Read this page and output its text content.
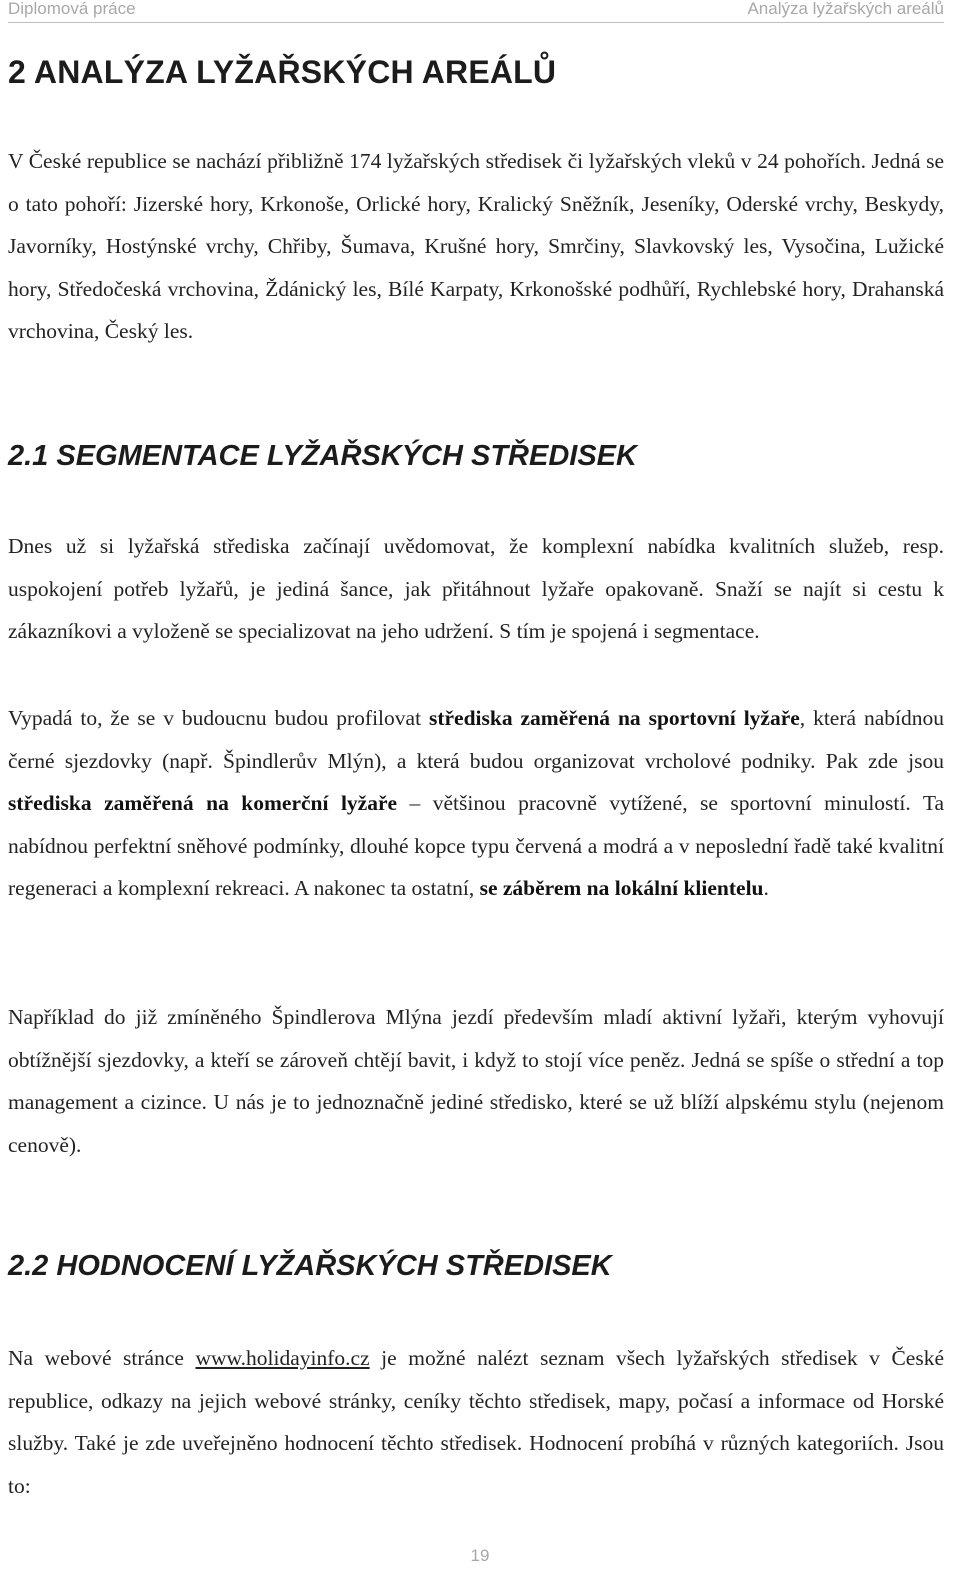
Diplomová práce	Analýza lyžařských areálů
2 ANALÝZA LYŽAŘSKÝCH AREÁLŮ

V České republice se nachází přibližně 174 lyžařských středisek či lyžařských vleků v 24 pohořích. Jedná se o tato pohoří: Jizerské hory, Krkonoše, Orlické hory, Kralický Sněžník, Jeseníky, Oderské vrchy, Beskydy, Javorníky, Hostýnské vrchy, Chřiby, Šumava, Krušné hory, Smrčiny, Slavkovský les, Vysočina, Lužické hory, Středočeská vrchovina, Ždánický les, Bílé Karpaty, Krkonošské podhůří, Rychlebské hory, Drahanská vrchovina, Český les.

2.1 SEGMENTACE LYŽAŘSKÝCH STŘEDISEK

Dnes už si lyžařská střediska začínají uvědomovat, že komplexní nabídka kvalitních služeb, resp. uspokojení potřeb lyžařů, je jediná šance, jak přitáhnout lyžaře opakovaně. Snaží se najít si cestu k zákazníkovi a vyloženě se specializovat na jeho udržení. S tím je spojená i segmentace.

Vypadá to, že se v budoucnu budou profilovat střediska zaměřená na sportovní lyžaře, která nabídnou černé sjezdovky (např. Špindlerův Mlýn), a která budou organizovat vrcholové podniky. Pak zde jsou střediska zaměřená na komerční lyžaře – většinou pracovně vytížené, se sportovní minulostí. Ta nabídnou perfektní sněhové podmínky, dlouhé kopce typu červená a modrá a v neposlední řadě také kvalitní regeneraci a komplexní rekreaci. A nakonec ta ostatní, se záběrem na lokální klientelu.

Například do již zmíněného Špindlerova Mlýna jezdí především mladí aktivní lyžaři, kterým vyhovují obtížnější sjezdovky, a kteří se zároveň chtějí bavit, i když to stojí více peněz. Jedná se spíše o střední a top management a cizince. U nás je to jednoznačně jediné středisko, které se už blíží alpskému stylu (nejenom cenově).

2.2 HODNOCENÍ LYŽAŘSKÝCH STŘEDISEK

Na webové stránce www.holidayinfo.cz je možné nalézt seznam všech lyžařských středisek v České republice, odkazy na jejich webové stránky, ceníky těchto středisek, mapy, počasí a informace od Horské služby. Také je zde uveřejněno hodnocení těchto středisek. Hodnocení probíhá v různých kategoriích. Jsou to:

19
